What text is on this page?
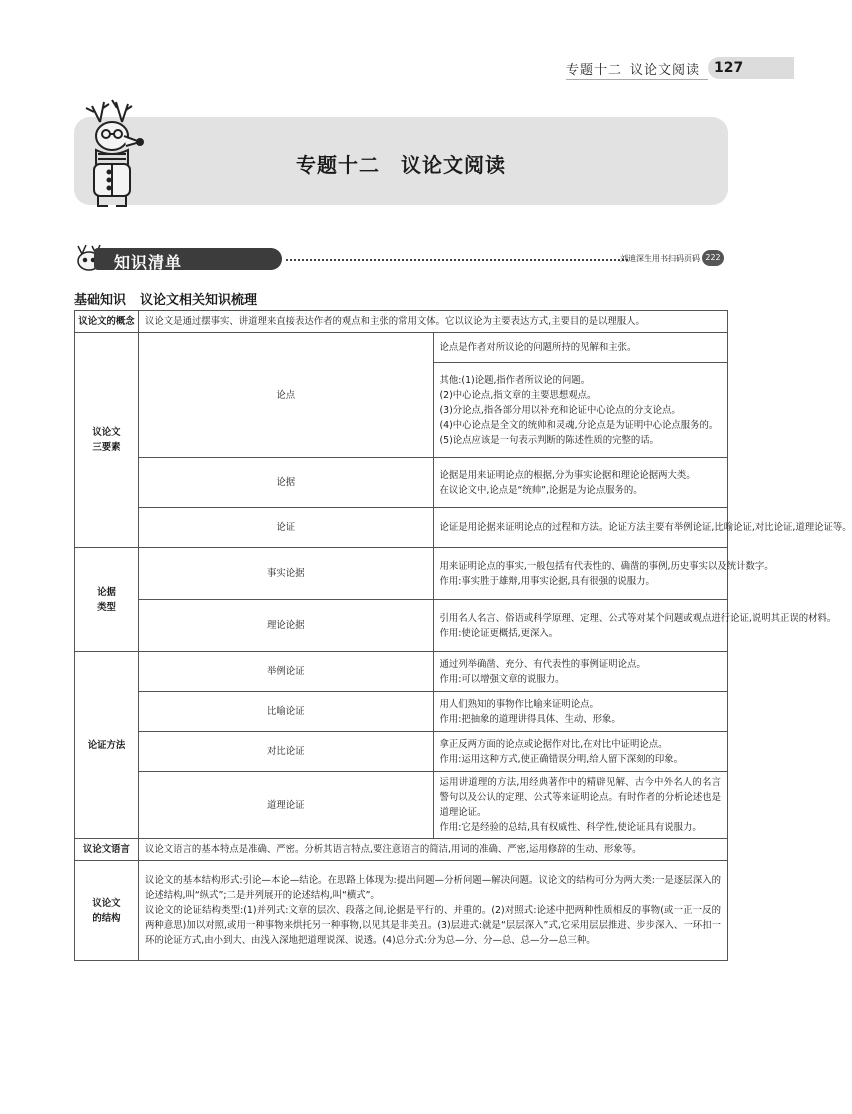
专题十二 议论文阅读	127
专题十二　议论文阅读
知识清单	刘迪深生用书扫码页码 222
基础知识 议论文相关知识梳理
议论文的概念	议论文是通过摆事实、讲道理来直接表达作者的观点和主张的常用文体。它以议论为主要表达方式,主要目的是以理服人。	

议论文
三要素	论点	论点是作者对所议论的问题所持的见解和主张。

		其他:(1)论题,指作者所议论的问题。
(2)中心论点,指文章的主要思想观点。
(3)分论点,指各部分用以补充和论证中心论点的分支论点。
(4)中心论点是全文的统帅和灵魂,分论点是为证明中心论点服务的。
(5)论点应该是一句表示判断的陈述性质的完整的话。

	论据	论据是用来证明论点的根据,分为事实论据和理论论据两大类。
在议论文中,论点是“统帅”,论据是为论点服务的。

	论证	论证是用论据来证明论点的过程和方法。论证方法主要有举例论证,比喻论证,对比论证,道理论证等。

论据
类型	事实论据	用来证明论点的事实,一般包括有代表性的、确凿的事例,历史事实以及统计数字。
作用:事实胜于雄辩,用事实论据,具有很强的说服力。

	理论论据	引用名人名言、俗语或科学原理、定理、公式等对某个问题或观点进行论证,说明其正误的材料。
作用:使论证更概括,更深入。

论证方法	举例论证	通过列举确凿、充分、有代表性的事例证明论点。
作用:可以增强文章的说服力。

	比喻论证	用人们熟知的事物作比喻来证明论点。
作用:把抽象的道理讲得具体、生动、形象。

	对比论证	拿正反两方面的论点或论据作对比,在对比中证明论点。
作用:运用这种方式,使正确错误分明,给人留下深刻的印象。

	道理论证	运用讲道理的方法,用经典著作中的精辟见解、古今中外名人的名言警句以及公认的定理、公式等来证明论点。有时作者的分析论述也是道理论证。
作用:它是经验的总结,具有权威性、科学性,使论证具有说服力。

议论文语言	议论文语言的基本特点是准确、严密。分析其语言特点,要注意语言的简洁,用词的准确、严密,运用修辞的生动、形象等。	

议论文
的结构	议论文的基本结构形式:引论—本论—结论。在思路上体现为:提出问题—分析问题—解决问题。议论文的结构可分为两大类:一是逐层深入的论述结构,叫“纵式”;二是并列展开的论述结构,叫“横式”。
议论文的论证结构类型:(1)并列式:文章的层次、段落之间,论据是平行的、并重的。(2)对照式:论述中把两种性质相反的事物(或一正一反的两种意思)加以对照,或用一种事物来烘托另一种事物,以见其是非美丑。(3)层进式:就是“层层深入”式,它采用层层推进、步步深入、一环扣一环的论证方式,由小到大、由浅入深地把道理说深、说透。(4)总分式:分为总—分、分—总、总—分—总三种。	
